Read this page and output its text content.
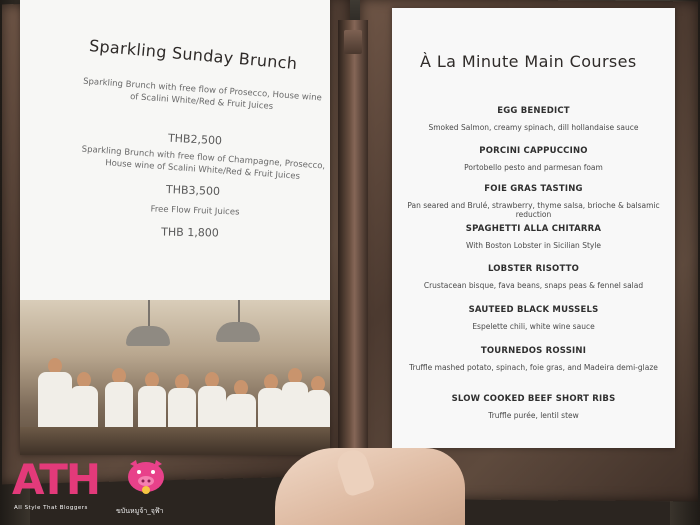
Sparkling Sunday Brunch
Sparkling Brunch with free flow of Prosecco, House wine of Scalini White/Red & Fruit Juices
THB2,500
Sparkling Brunch with free flow of Champagne, Prosecco, House wine of Scalini White/Red & Fruit Juices
THB3,500
Free Flow Fruit Juices
THB 1,800
À La Minute Main Courses
EGG BENEDICT
Smoked Salmon, creamy spinach, dill hollandaise sauce
PORCINI CAPPUCCINO
Portobello pesto and parmesan foam
FOIE GRAS TASTING
Pan seared and Brulé, strawberry, thyme salsa, brioche & balsamic reduction
SPAGHETTI ALLA CHITARRA
With Boston Lobster in Sicilian Style
LOBSTER RISOTTO
Crustacean bisque, fava beans, snaps peas & fennel salad
SAUTEED BLACK MUSSELS
Espelette chili, white wine sauce
TOURNEDOS ROSSINI
Truffle mashed potato, spinach, foie gras, and Madeira demi-glaze
SLOW COOKED BEEF SHORT RIBS
Truffle purée, lentil stew
ATH
All Style That Bloggers	ขบันหมูจ้า_จุฬ้า
